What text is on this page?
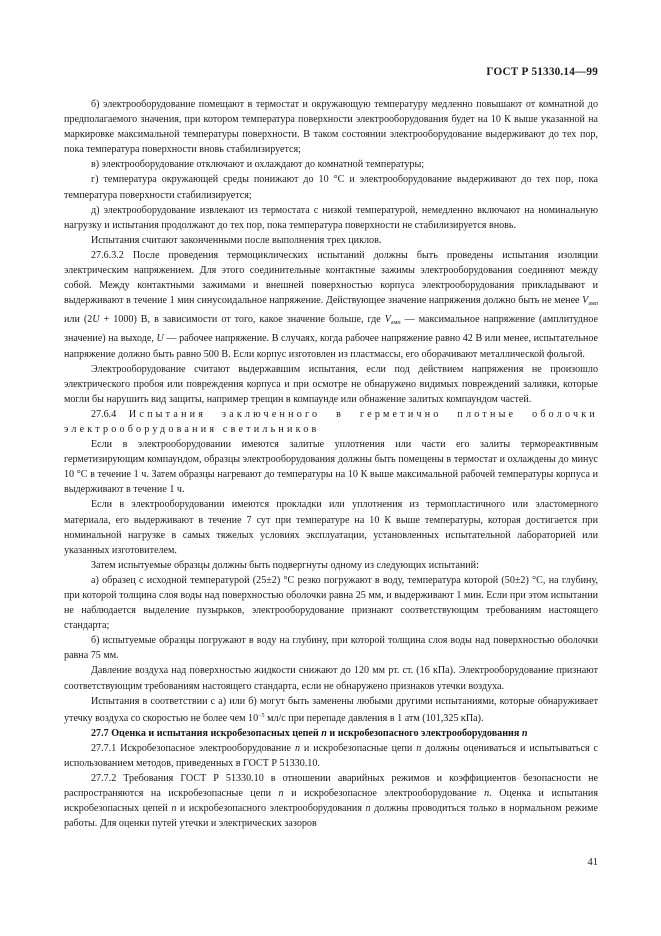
ГОСТ Р 51330.14—99

б) электрооборудование помещают в термостат и окружающую температуру медленно повышают от комнатной до предполагаемого значения, при котором температура поверхности электрооборудования будет на 10 К выше указанной на маркировке максимальной температуры поверхности. В таком состоянии электрооборудование выдерживают до тех пор, пока температура поверхности вновь стабилизируется;

в) электрооборудование отключают и охлаждают до комнатной температуры;

г) температура окружающей среды понижают до 10 °С и электрооборудование выдерживают до тех пор, пока температура поверхности стабилизируется;

д) электрооборудование извлекают из термостата с низкой температурой, немедленно включают на номинальную нагрузку и испытания продолжают до тех пор, пока температура поверхности не стабилизируется вновь.

Испытания считают законченными после выполнения трех циклов.

27.6.3.2 После проведения термоциклических испытаний должны быть проведены испытания изоляции электрическим напряжением. Для этого соединительные контактные зажимы электрооборудования соединяют между собой. Между контактными зажимами и внешней поверхностью корпуса электрооборудования прикладывают и выдерживают в течение 1 мин синусоидальное напряжение. Действующее значение напряжения должно быть не менее $V_{амп}$ или (2U + 1000) В, в зависимости от того, какое значение больше, где $V_{амп}$ — максимальное напряжение (амплитудное значение) на выходе, U — рабочее напряжение. В случаях, когда рабочее напряжение равно 42 В или менее, испытательное напряжение должно быть равно 500 В. Если корпус изготовлен из пластмассы, его оборачивают металлической фольгой.

Электрооборудование считают выдержавшим испытания, если под действием напряжения не произошло электрического пробоя или повреждения корпуса и при осмотре не обнаружено видимых повреждений заливки, которые могли бы нарушить вид защиты, например трещин в компаунде или обнажение залитых компаундом частей.

27.6.4 Испытания заключенного в герметично плотные оболочки электрооборудования светильников

Если в электрооборудовании имеются залитые уплотнения или части его залиты термореактивным герметизирующим компаундом, образцы электрооборудования должны быть помещены в термостат и охлаждены до минус 10 °С в течение 1 ч. Затем образцы нагревают до температуры на 10 К выше максимальной рабочей температуры корпуса и выдерживают в течение 1 ч.

Если в электрооборудовании имеются прокладки или уплотнения из термопластичного или эластомерного материала, его выдерживают в течение 7 сут при температуре на 10 К выше температуры, которая достигается при номинальной нагрузке в самых тяжелых условиях эксплуатации, установленных испытательной лабораторией или указанных изготовителем.

Затем испытуемые образцы должны быть подвергнуты одному из следующих испытаний:

а) образец с исходной температурой (25±2) °С резко погружают в воду, температура которой (50±2) °С, на глубину, при которой толщина слоя воды над поверхностью оболочки равна 25 мм, и выдерживают 1 мин. Если при этом испытании не наблюдается выделение пузырьков, электрооборудование признают соответствующим требованиям настоящего стандарта;

б) испытуемые образцы погружают в воду на глубину, при которой толщина слоя воды над поверхностью оболочки равна 75 мм.

Давление воздуха над поверхностью жидкости снижают до 120 мм рт. ст. (16 кПа). Электрооборудование признают соответствующим требованиям настоящего стандарта, если не обнаружено признаков утечки воздуха.

Испытания в соответствии с а) или б) могут быть заменены любыми другими испытаниями, которые обнаруживает утечку воздуха со скоростью не более чем $10^{-5}$ мл/с при перепаде давления в 1 атм (101,325 кПа).

27.7 Оценка и испытания искробезопасных цепей n и искробезопасного электрооборудования n

27.7.1 Искробезопасное электрооборудование n и искробезопасные цепи n должны оцениваться и испытываться с использованием методов, приведенных в ГОСТ Р 51330.10.

27.7.2 Требования ГОСТ Р 51330.10 в отношении аварийных режимов и коэффициентов безопасности не распространяются на искробезопасные цепи n и искробезопасное электрооборудование n. Оценка и испытания искробезопасных цепей n и искробезопасного электрооборудования n должны проводиться только в нормальном режиме работы. Для оценки путей утечки и электрических зазоров

41
